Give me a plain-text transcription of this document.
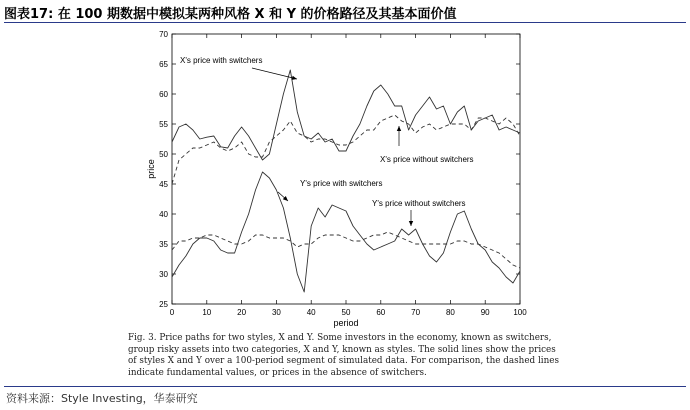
图表17: 在 100 期数据中模拟某两种风格 X 和 Y 的价格路径及其基本面价值
0	10	20	30	40	50	60	70	80	90	100
25
30
35
40
45
50
55
60
65
70
X's price with switchers
X's price without switchers
Y's price with switchers
Y's price without switchers
period
price

Fig. 3. Price paths for two styles, X and Y. Some investors in the economy, known as switchers, group risky assets into two categories, X and Y, known as styles. The solid lines show the prices of styles X and Y over a 100-period segment of simulated data. For comparison, the dashed lines indicate fundamental values, or prices in the absence of switchers.

资料来源：Style Investing，华泰研究
